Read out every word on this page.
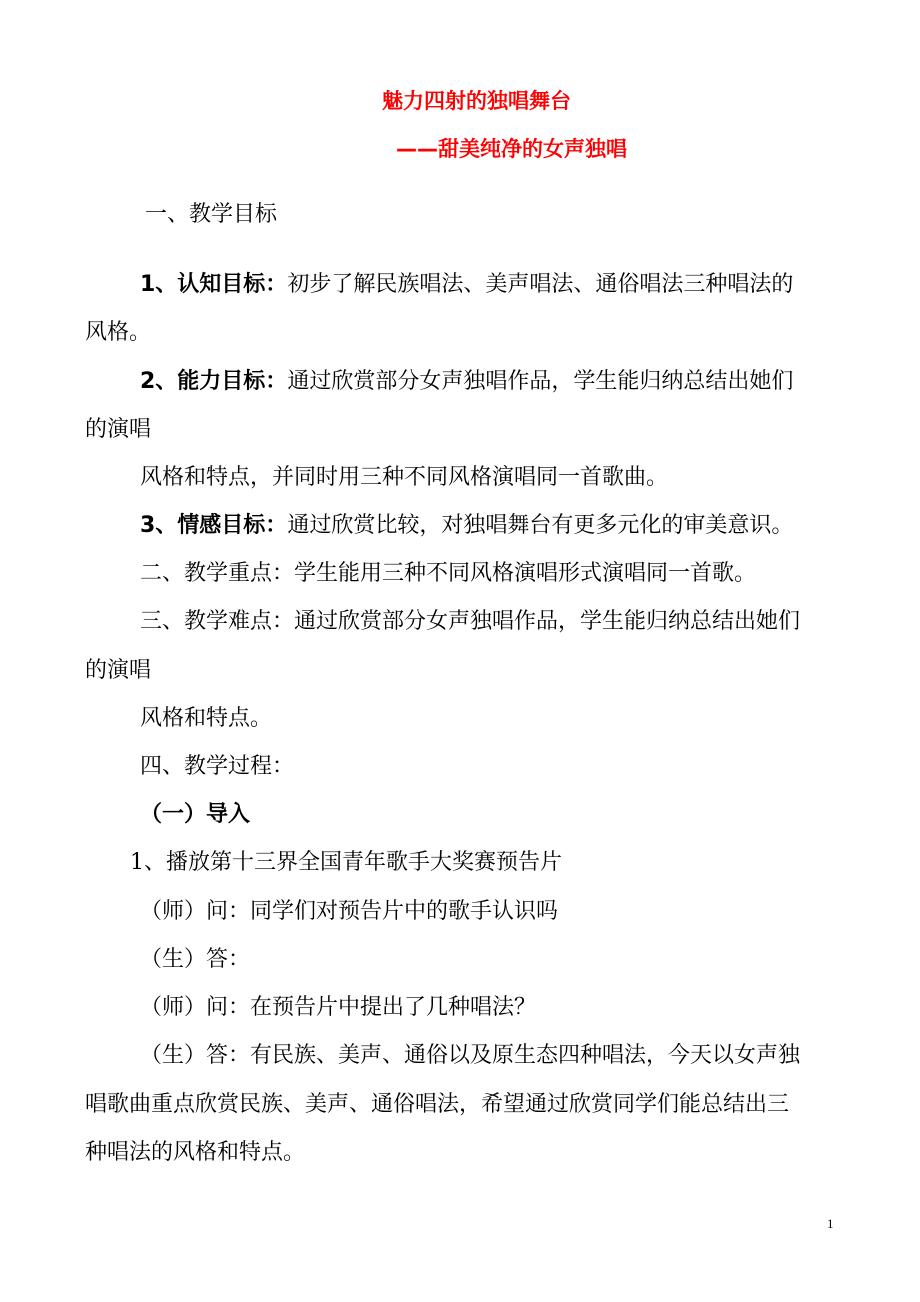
魅力四射的独唱舞台
——甜美纯净的女声独唱
一、教学目标
1、认知目标：初步了解民族唱法、美声唱法、通俗唱法三种唱法的
风格。
2、能力目标：通过欣赏部分女声独唱作品，学生能归纳总结出她们
的演唱
风格和特点，并同时用三种不同风格演唱同一首歌曲。
3、情感目标：通过欣赏比较，对独唱舞台有更多元化的审美意识。
二、教学重点：学生能用三种不同风格演唱形式演唱同一首歌。
三、教学难点：通过欣赏部分女声独唱作品，学生能归纳总结出她们
的演唱
风格和特点。
四、教学过程：
（一）导入
1、播放第十三界全国青年歌手大奖赛预告片
（师）问：同学们对预告片中的歌手认识吗
（生）答：
（师）问：在预告片中提出了几种唱法？
（生）答：有民族、美声、通俗以及原生态四种唱法，今天以女声独
唱歌曲重点欣赏民族、美声、通俗唱法，希望通过欣赏同学们能总结出三
种唱法的风格和特点。
1
